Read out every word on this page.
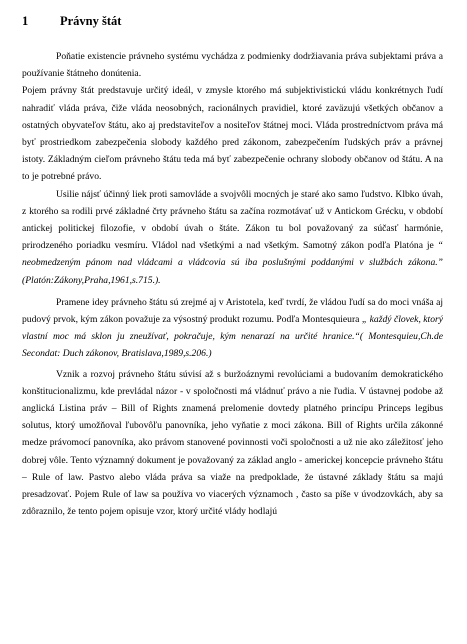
1	Právny štát

Poňatie existencie právneho systému vychádza z podmienky dodržiavania práva subjektami práva a používanie štátneho donútenia.

Pojem právny štát predstavuje určitý ideál, v zmysle ktorého má subjektivistickú vládu konkrétnych ľudí nahradiť vláda práva, čiže vláda neosobných, racionálnych pravidiel, ktoré zaväzujú všetkých občanov a ostatných obyvateľov štátu, ako aj predstaviteľov a nositeľov štátnej moci. Vláda prostredníctvom práva má byť prostriedkom zabezpečenia slobody každého pred zákonom, zabezpečením ľudských práv a právnej istoty. Základným cieľom právneho štátu teda má byť zabezpečenie ochrany slobody občanov od štátu. A na to je potrebné právo.

Usilie nájsť účinný liek proti samovláde a svojvôli mocných je staré ako samo ľudstvo. Klbko úvah, z ktorého sa rodili prvé základné črty právneho štátu sa začína rozmotávať už v Antickom Grécku, v období antickej politickej filozofie, v období úvah o štáte. Zákon tu bol považovaný za súčasť harmónie, prirodzeného poriadku vesmíru. Vládol nad všetkými a nad všetkým. Samotný zákon podľa Platóna je “ neobmedzeným pánom nad vládcami a vládcovia sú iba poslušnými poddanými v službách zákona.” (Platón:Zákony,Praha,1961,s.715.).

Pramene idey právneho štátu sú zrejmé aj v Aristotela, keď tvrdí, že vládou ľudí sa do moci vnáša aj pudový prvok, kým zákon považuje za výsostný produkt rozumu. Podľa Montesquieura „ každý človek, ktorý vlastní moc má sklon ju zneužívať, pokračuje, kým nenarazí na určité hranice.“( Montesquieu,Ch.de Secondat: Duch zákonov, Bratislava,1989,s.206.)

Vznik a rozvoj právneho štátu súvisí až s buržoáznymi revolúciami a budovaním demokratického konštitucionalizmu, kde prevládal názor - v spoločnosti má vládnuť právo a nie ľudia. V ústavnej podobe až anglická Listina práv – Bill of Rights znamená prelomenie dovtedy platného princípu Princeps legibus solutus, ktorý umožňoval ľubovôľu panovníka, jeho vyňatie z moci zákona. Bill of Rights určila zákonné medze právomocí panovníka, ako právom stanovené povinnosti voči spoločnosti a už nie ako záležitosť jeho dobrej vôle. Tento významný dokument je považovaný za základ anglo - americkej koncepcie právneho štátu – Rule of law. Pastvo alebo vláda práva sa viaže na predpoklade, že ústavné základy štátu sa majú presadzovať. Pojem Rule of law sa používa vo viacerých významoch , často sa píše v úvodzovkách, aby sa zdôraznilo, že tento pojem opisuje vzor, ktorý určité vlády hodlajú
